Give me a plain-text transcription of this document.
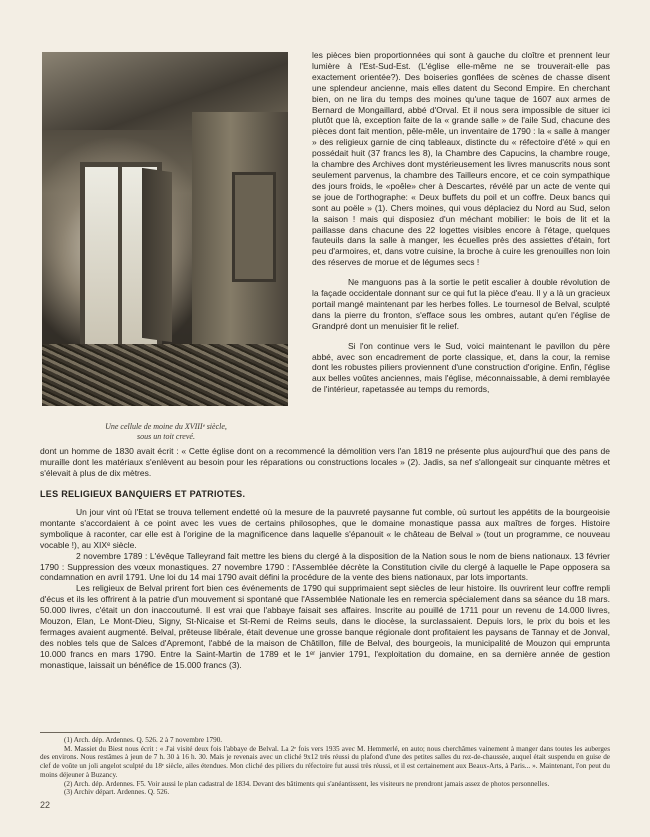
Une cellule de moine du XVIIIᵉ siècle,
sous un toit crevé.

les pièces bien proportionnées qui sont à gauche du cloître et prennent leur lumière à l'Est-Sud-Est. (L'église elle-même ne se trouverait-elle pas exactement orientée?). Des boiseries gonflées de scènes de chasse disent une splendeur ancienne, mais elles datent du Second Empire. En cherchant bien, on ne lira du temps des moines qu'une taque de 1607 aux armes de Bernard de Mongaillard, abbé d'Orval. Et il nous sera impossible de situer ici plutôt que là, exception faite de la « grande salle » de l'aile Sud, chacune des pièces dont fait mention, pêle-mêle, un inventaire de 1790 : la « salle à manger » des religieux garnie de cinq tableaux, distincte du « réfectoire d'été » qui en possédait huit (37 francs les 8), la Chambre des Capucins, la chambre rouge, la chambre des Archives dont mystérieusement les livres manuscrits nous sont seulement parvenus, la chambre des Tailleurs encore, et ce coin sympathique des jours froids, le «poêle» cher à Descartes, révélé par un acte de vente qui se joue de l'orthographe: « Deux buffets du poil et un coffre. Deux bancs qui sont au poële » (1). Chers moines, qui vous déplaciez du Nord au Sud, selon la saison ! mais qui disposiez d'un méchant mobilier: le bois de lit et la paillasse dans chacune des 22 logettes visibles encore à l'étage, quelques fauteuils dans la salle à manger, les écuelles près des assiettes d'étain, fort peu d'armoires, et, dans votre cuisine, la broche à cuire les grenouilles non loin des réserves de morue et de légumes secs !

Ne manguons pas à la sortie le petit escalier à double révolution de la façade occidentale donnant sur ce qui fut la pièce d'eau. Il y a là un gracieux portail mangé maintenant par les herbes folles. Le tournesol de Belval, sculpté dans la pierre du fronton, s'efface sous les ombres, autant qu'en l'église de Grandpré dont un menuisier fit le relief.

Si l'on continue vers le Sud, voici maintenant le pavillon du père abbé, avec son encadrement de porte classique, et, dans la cour, la remise dont les robustes piliers proviennent d'une construction d'origine. Enfin, l'église aux belles voûtes anciennes, mais l'église, méconnaissable, à demi remblayée de l'intérieur, rapetassée au temps du remords,

dont un homme de 1830 avait écrit : « Cette église dont on a recommencé la démolition vers l'an 1819 ne présente plus aujourd'hui que des pans de muraille dont les matériaux s'enlèvent au besoin pour les réparations ou constructions locales » (2). Jadis, sa nef s'allongeait sur cinquante mètres et s'élevait à plus de dix mètres.

LES RELIGIEUX BANQUIERS ET PATRIOTES.

Un jour vint où l'Etat se trouva tellement endetté où la mesure de la pauvreté paysanne fut comble, où surtout les appétits de la bourgeoisie montante s'accordaient à ce point avec les vues de certains philosophes, que le domaine monastique passa aux maîtres de forges. Histoire symbolique à raconter, car elle est à l'origine de la magnificence dans laquelle s'épanouit « le château de Belval » (tout un programme, ce nouveau vocable !), au XIXᵉ siècle.

2 novembre 1789 : L'évêque Talleyrand fait mettre les biens du clergé à la disposition de la Nation sous le nom de biens nationaux. 13 février 1790 : Suppression des vœux monastiques. 27 novembre 1790 : l'Assemblée décrète la Constitution civile du clergé à laquelle le Pape opposera sa condamnation en avril 1791. Une loi du 14 mai 1790 avait défini la procédure de la vente des biens nationaux, par lots importants.

Les religieux de Belval prirent fort bien ces événements de 1790 qui supprimaient sept siècles de leur histoire. Ils ouvrirent leur coffre rempli d'écus et ils les offrirent à la patrie d'un mouvement si spontané que l'Assemblée Nationale les en remercia spécialement dans sa séance du 18 mars. 50.000 livres, c'était un don inaccoutumé. Il est vrai que l'abbaye faisait ses affaires. Inscrite au pouillé de 1711 pour un revenu de 14.000 livres, Mouzon, Elan, Le Mont-Dieu, Signy, St-Nicaise et St-Remi de Reims seuls, dans le diocèse, la surclassaient. Depuis lors, le prix du bois et les fermages avaient augmenté. Belval, prêteuse libérale, était devenue une grosse banque régionale dont profitaient les paysans de Tannay et de Jonval, des nobles tels que de Salces d'Apremont, l'abbé de la maison de Châtillon, fille de Belval, des bourgeois, la municipalité de Mouzon qui emprunta 10.000 francs en mars 1790. Entre la Saint-Martin de 1789 et le 1ᵉʳ janvier 1791, l'exploitation du domaine, en sa dernière année de gestion monastique, laissait un bénéfice de 15.000 francs (3).

(1) Arch. dép. Ardennes. Q. 526. 2 à 7 novembre 1790.

M. Massiet du Biest nous écrit : « J'ai visité deux fois l'abbaye de Belval. La 2ᵉ fois vers 1935 avec M. Hemmerlé, en auto; nous cherchâmes vainement à manger dans toutes les auberges des environs. Nous restâmes à jeun de 7 h. 30 à 16 h. 30. Mais je revenais avec un cliché 9x12 très réussi du plafond d'une des petites salles du rez-de-chaussée, auquel était suspendu en guise de clef de voûte un joli angelot sculpté du 18ᵉ siècle, ailes étendues. Mon cliché des piliers du réfectoire fut aussi très réussi, et il est certainement aux Beaux-Arts, à Paris... ». Maintenant, l'on peut du moins déjeuner à Buzancy.

(2) Arch. dép. Ardennes. F5. Voir aussi le plan cadastral de 1834. Devant des bâtiments qui s'anéantissent, les visiteurs ne prendront jamais assez de photos personnelles.

(3) Archiv départ. Ardennes. Q. 526.

22
